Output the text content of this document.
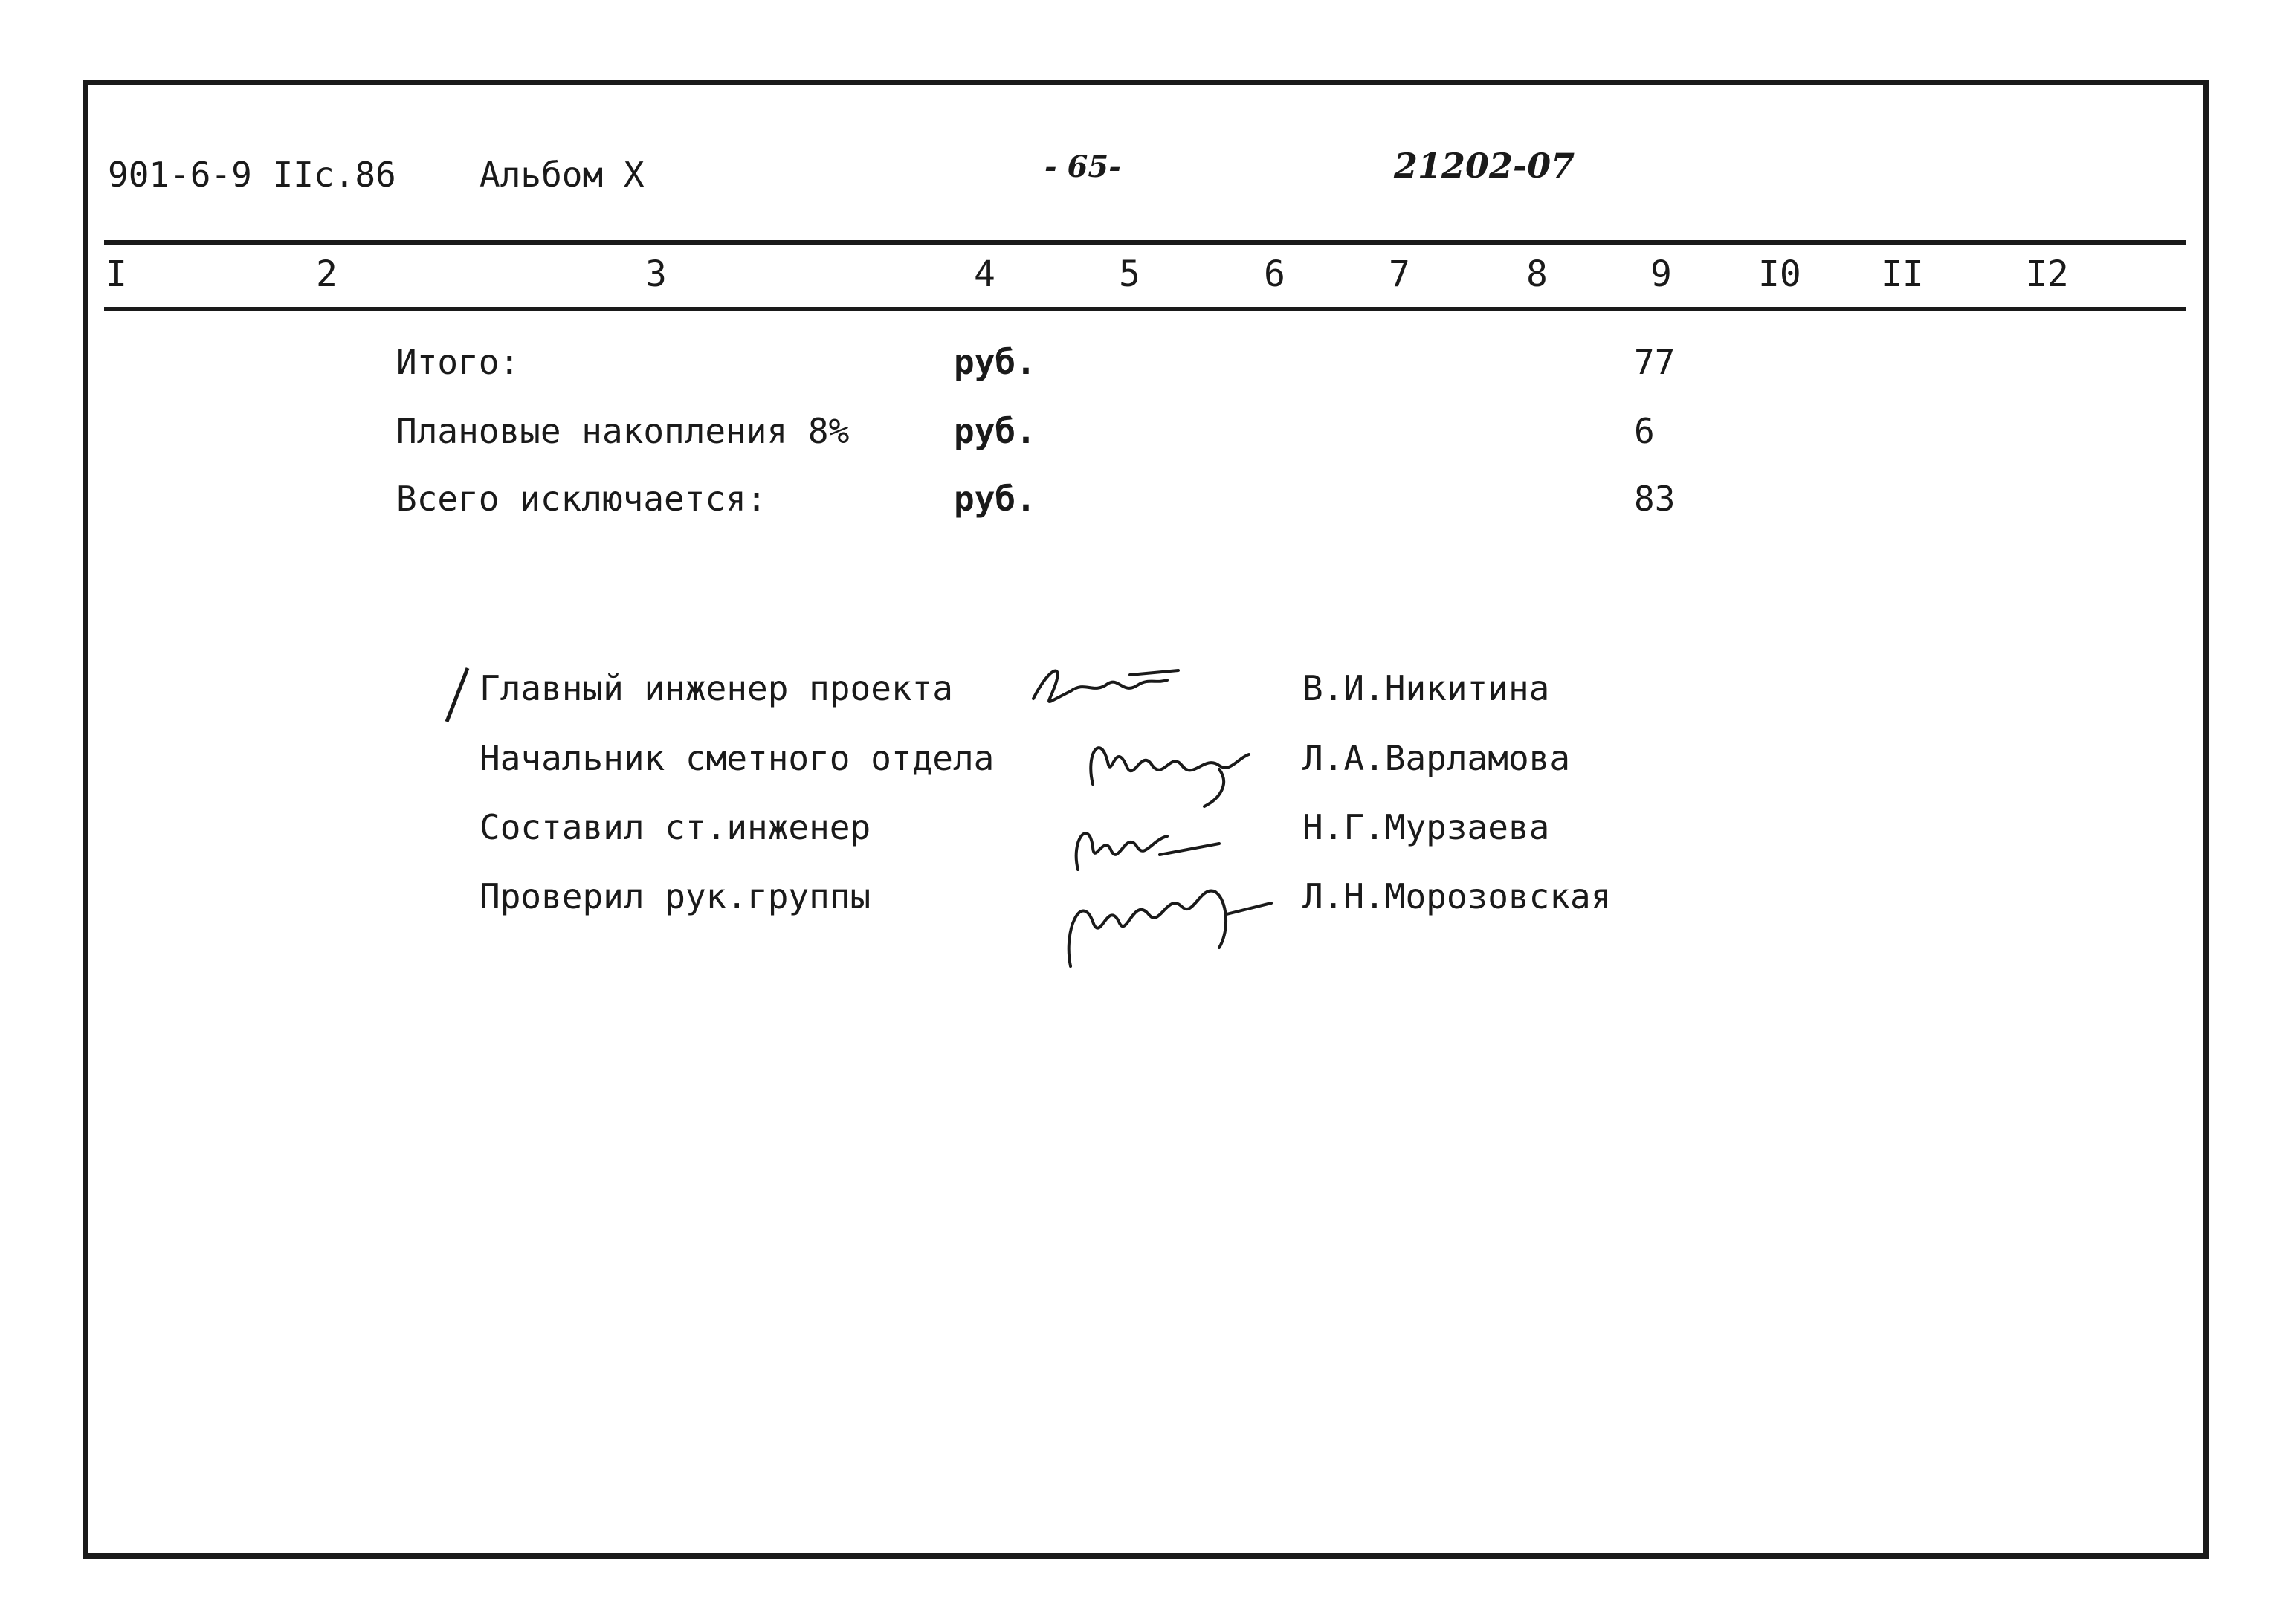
901-6-9 ІІс.86 Альбом X	- 65-	21202-07
I	2	3	4	5	6	7	8	9 I0 II	I2
Итого:	руб.	77
Плановые накопления 8%	руб.	6
Всего исключается:	руб.	83
Главный инженер проекта	В.И.Никитина
Начальник сметного отдела	Л.А.Варламова
Составил ст.инженер	Н.Г.Мурзаева
Проверил рук.группы	Л.Н.Морозовская
